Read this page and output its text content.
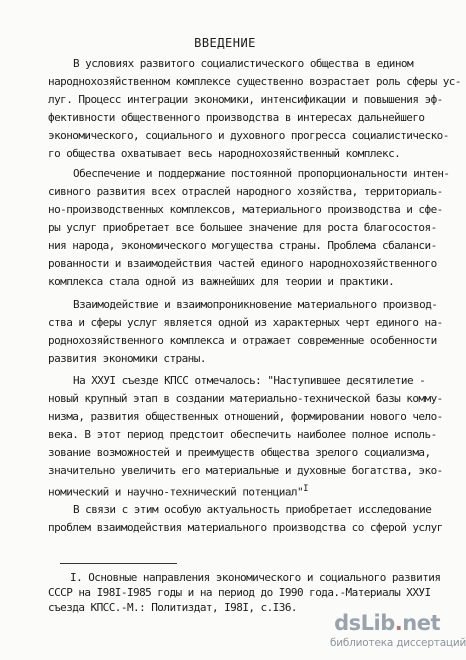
ВВЕДЕНИЕ
В условиях развитого социалистического общества в едином
народнохозяйственном комплексе существенно возрастает роль сферы ус-
луг. Процесс интеграции экономики, интенсификации и повышения эф-
фективности общественного производства в интересах дальнейшего
экономического, социального и духовного прогресса социалистическо-
го общества охватывает весь народнохозяйственный комплекс.
Обеспечение и поддержание постоянной пропорциональности интен-
сивного развития всех отраслей народного хозяйства, территориаль-
но-производственных комплексов, материального производства и сфе-
ры услуг приобретает все большее значение для роста благосостоя-
ния народа, экономического могущества страны. Проблема сбаланси-
рованности и взаимодействия частей единого народнохозяйственного
комплекса стала одной из важнейших для теории и практики.
Взаимодействие и взаимопроникновение материального производ-
ства и сферы услуг является одной из характерных черт единого на-
роднохозяйственного комплекса и отражает современные особенности
развития экономики страны.
На ХХУI съезде КПСС отмечалось: "Наступившее десятилетие -
новый крупный этап в создании материально-технической базы комму-
низма, развития общественных отношений, формировании нового чело-
века. В этот период предстоит обеспечить наиболее полное исполь-
зование возможностей и преимуществ общества зрелого социализма,
значительно увеличить его материальные и духовные богатства, эко-
номический и научно-технический потенциал"$^I$
В связи с этим особую актуальность приобретает исследование
проблем взаимодействия материального производства со сферой услуг
I. Основные направления экономического и социального развития
СССР на I98I-I985 годы и на период до I990 года.-Материалы ХХУI
съезда КПСС.-М.: Политиздат, I98I, с.I36.
dsLib.net
библиотека диссертаций
